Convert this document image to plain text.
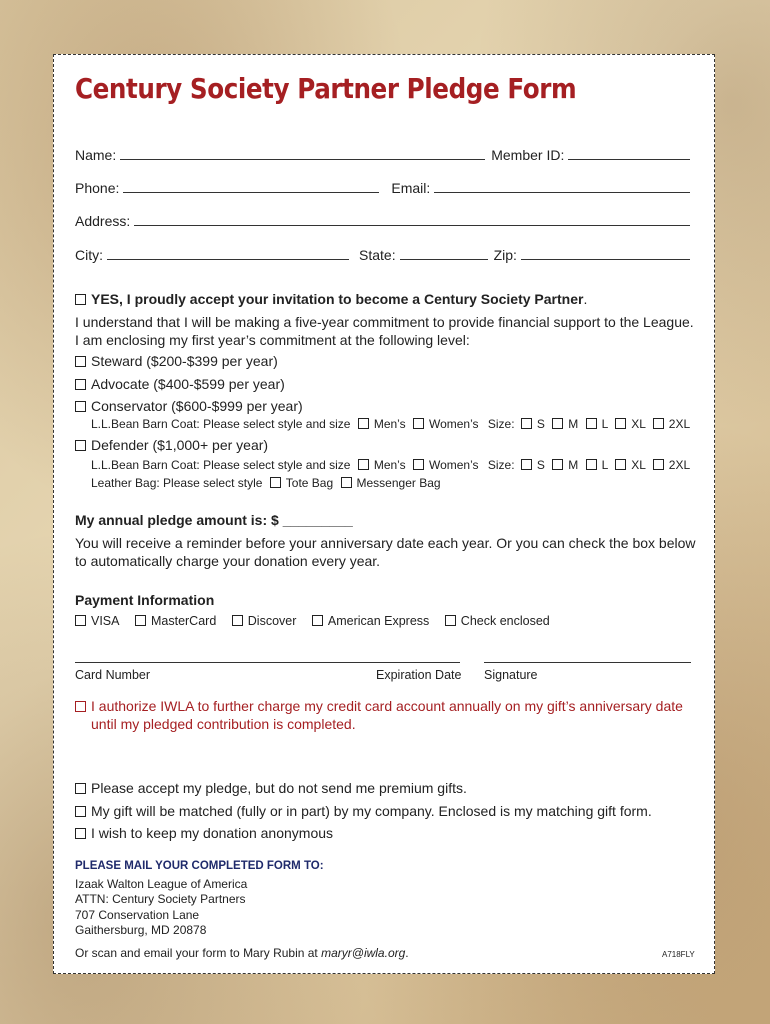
Century Society Partner Pledge Form
Name:	Member ID:
Phone:	Email:
Address:
City:	State:	Zip:
YES, I proudly accept your invitation to become a Century Society Partner.
I understand that I will be making a five-year commitment to provide financial support to the League.
I am enclosing my first year’s commitment at the following level:
Steward ($200-$399 per year)
Advocate ($400-$599 per year)
Conservator ($600-$999 per year)
L.L.Bean Barn Coat: Please select style and size Men’s Women’s Size: S M L XL 2XL
Defender ($1,000+ per year)
L.L.Bean Barn Coat: Please select style and size Men’s Women’s Size: S M L XL 2XL
Leather Bag: Please select style Tote Bag Messenger Bag
My annual pledge amount is: $ _________
You will receive a reminder before your anniversary date each year. Or you can check the box below
to automatically charge your donation every year.
Payment Information
VISA	MasterCard	Discover	American Express	Check enclosed
Card Number	Expiration Date Signature
I authorize IWLA to further charge my credit card account annually on my gift’s anniversary date
until my pledged contribution is completed.
Please accept my pledge, but do not send me premium gifts.
My gift will be matched (fully or in part) by my company. Enclosed is my matching gift form.
I wish to keep my donation anonymous
PLEASE MAIL YOUR COMPLETED FORM TO:
Izaak Walton League of America
ATTN: Century Society Partners
707 Conservation Lane
Gaithersburg, MD 20878
Or scan and email your form to Mary Rubin at maryr@iwla.org.	A718FLY
